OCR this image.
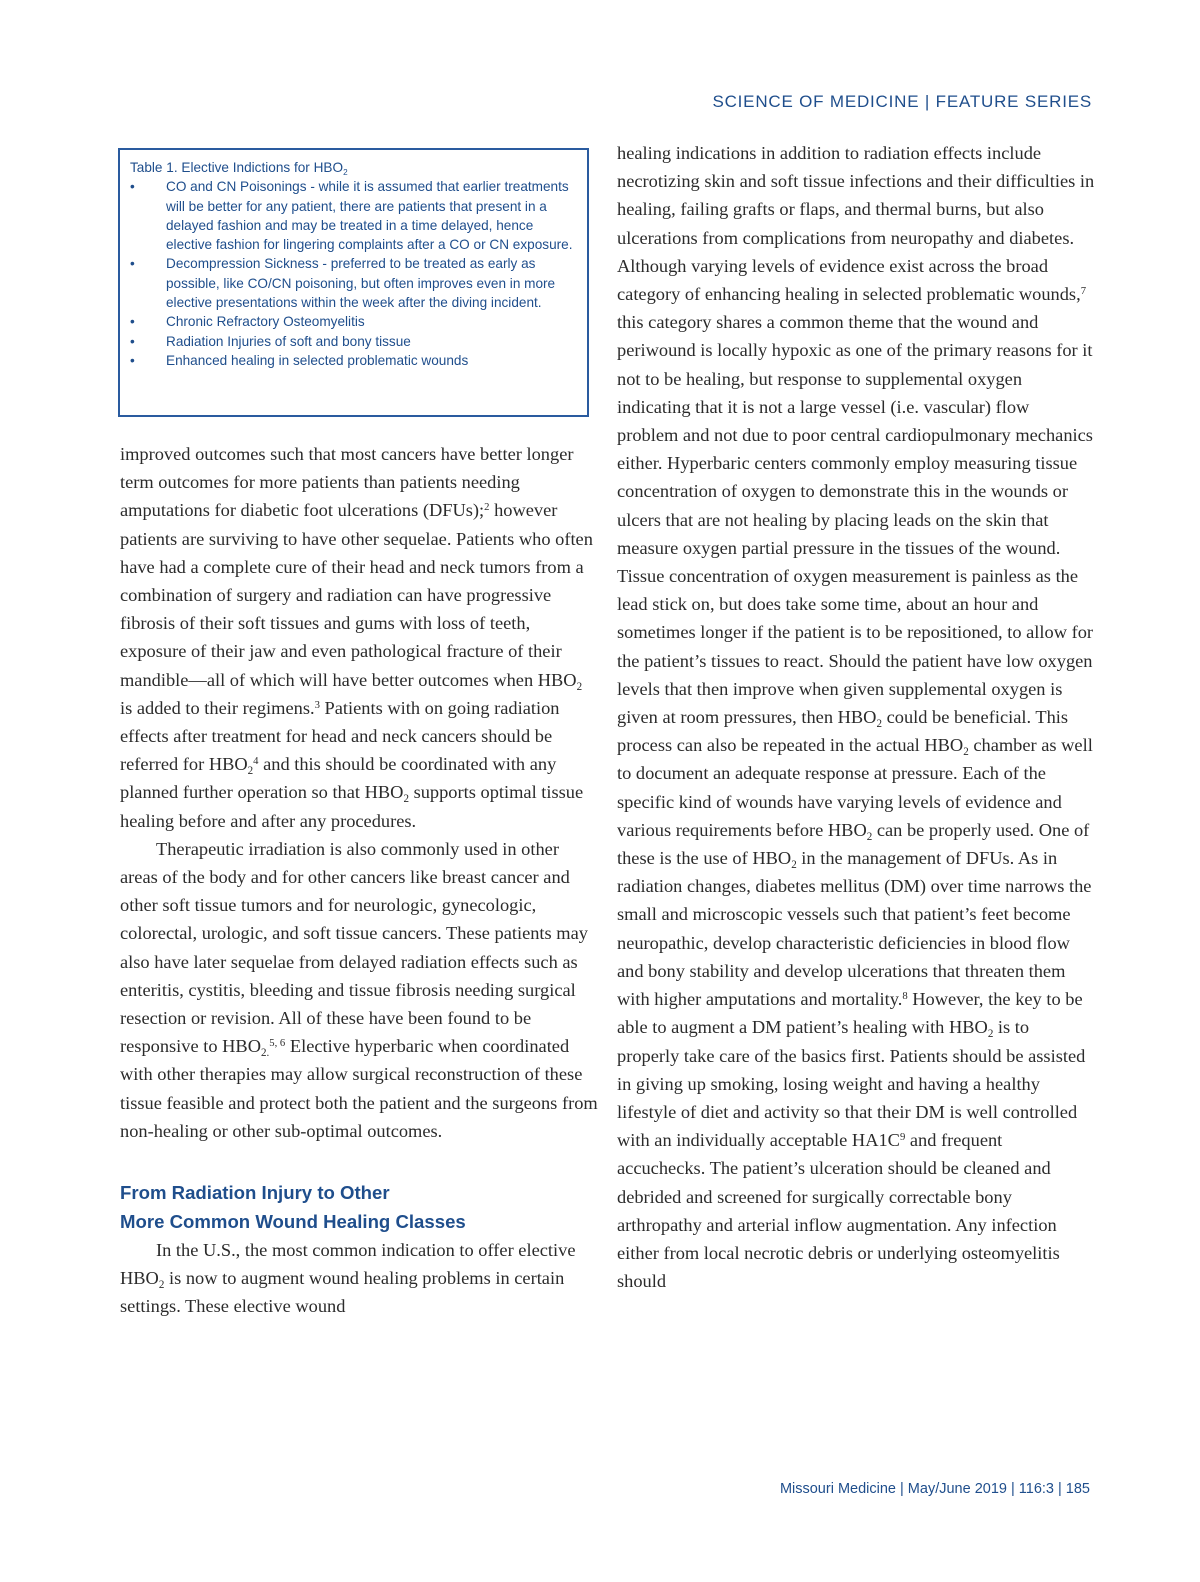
SCIENCE OF MEDICINE | FEATURE SERIES
Table 1. Elective Indictions for $HBO_2$
• CO and CN Poisonings - while it is assumed that earlier treatments will be better for any patient, there are patients that present in a delayed fashion and may be treated in a time delayed, hence elective fashion for lingering complaints after a CO or CN exposure.
• Decompression Sickness - preferred to be treated as early as possible, like CO/CN poisoning, but often improves even in more elective presentations within the week after the diving incident.
• Chronic Refractory Osteomyelitis
• Radiation Injuries of soft and bony tissue
• Enhanced healing in selected problematic wounds

improved outcomes such that most cancers have better longer term outcomes for more patients than patients needing amputations for diabetic foot ulcerations (DFUs);$^2$ however patients are surviving to have other sequelae. Patients who often have had a complete cure of their head and neck tumors from a combination of surgery and radiation can have progressive fibrosis of their soft tissues and gums with loss of teeth, exposure of their jaw and even pathological fracture of their mandible—all of which will have better outcomes when $HBO_2$ is added to their regimens.$^3$ Patients with on going radiation effects after treatment for head and neck cancers should be referred for $HBO_2^4$ and this should be coordinated with any planned further operation so that $HBO_2$ supports optimal tissue healing before and after any procedures.

Therapeutic irradiation is also commonly used in other areas of the body and for other cancers like breast cancer and other soft tissue tumors and for neurologic, gynecologic, colorectal, urologic, and soft tissue cancers. These patients may also have later sequelae from delayed radiation effects such as enteritis, cystitis, bleeding and tissue fibrosis needing surgical resection or revision. All of these have been found to be responsive to $HBO_{2.}^{5, 6}$ Elective hyperbaric when coordinated with other therapies may allow surgical reconstruction of these tissue feasible and protect both the patient and the surgeons from non-healing or other sub-optimal outcomes.

From Radiation Injury to Other
More Common Wound Healing Classes

In the U.S., the most common indication to offer elective $HBO_2$ is now to augment wound healing problems in certain settings. These elective wound

healing indications in addition to radiation effects include necrotizing skin and soft tissue infections and their difficulties in healing, failing grafts or flaps, and thermal burns, but also ulcerations from complications from neuropathy and diabetes. Although varying levels of evidence exist across the broad category of enhancing healing in selected problematic wounds,$^7$ this category shares a common theme that the wound and periwound is locally hypoxic as one of the primary reasons for it not to be healing, but response to supplemental oxygen indicating that it is not a large vessel (i.e. vascular) flow problem and not due to poor central cardiopulmonary mechanics either. Hyperbaric centers commonly employ measuring tissue concentration of oxygen to demonstrate this in the wounds or ulcers that are not healing by placing leads on the skin that measure oxygen partial pressure in the tissues of the wound. Tissue concentration of oxygen measurement is painless as the lead stick on, but does take some time, about an hour and sometimes longer if the patient is to be repositioned, to allow for the patient’s tissues to react. Should the patient have low oxygen levels that then improve when given supplemental oxygen is given at room pressures, then $HBO_2$ could be beneficial. This process can also be repeated in the actual $HBO_2$ chamber as well to document an adequate response at pressure. Each of the specific kind of wounds have varying levels of evidence and various requirements before $HBO_2$ can be properly used. One of these is the use of $HBO_2$ in the management of DFUs. As in radiation changes, diabetes mellitus (DM) over time narrows the small and microscopic vessels such that patient’s feet become neuropathic, develop characteristic deficiencies in blood flow and bony stability and develop ulcerations that threaten them with higher amputations and mortality.$^8$ However, the key to be able to augment a DM patient’s healing with $HBO_2$ is to properly take care of the basics first. Patients should be assisted in giving up smoking, losing weight and having a healthy lifestyle of diet and activity so that their DM is well controlled with an individually acceptable $HA1C^9$ and frequent accuchecks. The patient’s ulceration should be cleaned and debrided and screened for surgically correctable bony arthropathy and arterial inflow augmentation. Any infection either from local necrotic debris or underlying osteomyelitis should

Missouri Medicine | May/June 2019 | 116:3 | 185
